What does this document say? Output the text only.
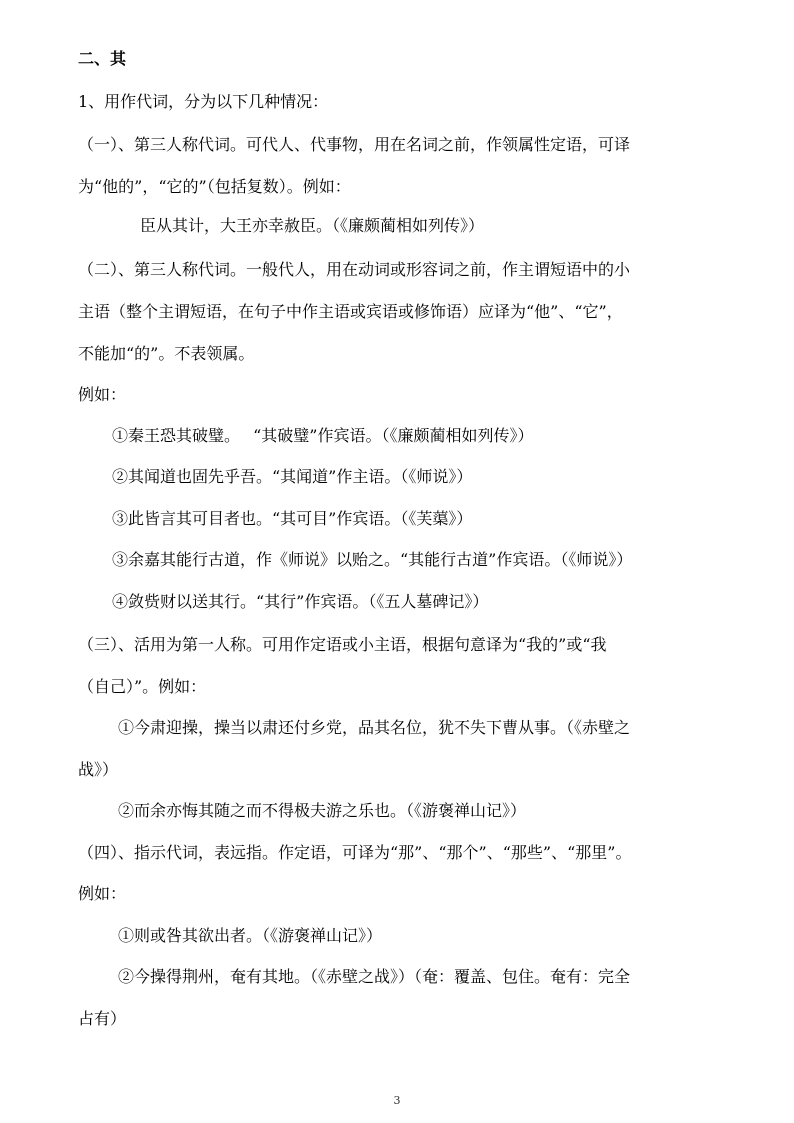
二、其
1、用作代词，分为以下几种情况：
（一）、第三人称代词。可代人、代事物，用在名词之前，作领属性定语，可译
为“他的”，“它的”（包括复数）。例如：
臣从其计，大王亦幸赦臣。（《廉颇蔺相如列传》）
（二）、第三人称代词。一般代人，用在动词或形容词之前，作主谓短语中的小
主语（整个主谓短语，在句子中作主语或宾语或修饰语）应译为“他”、“它”，
不能加“的”。不表领属。
例如：
①秦王恐其破璧。　 “其破璧”作宾语。（《廉颇蔺相如列传》）
②其闻道也固先乎吾。“其闻道”作主语。（《师说》）
③此皆言其可目者也。“其可目”作宾语。（《芙蕖》）
③余嘉其能行古道，作《师说》以贻之。“其能行古道”作宾语。（《师说》）
④敛赀财以送其行。“其行”作宾语。（《五人墓碑记》）
（三）、活用为第一人称。可用作定语或小主语，根据句意译为“我的”或“我
（自己）”。例如：
①今肃迎操，操当以肃还付乡党，品其名位，犹不失下曹从事。（《赤壁之
战》）
②而余亦悔其随之而不得极夫游之乐也。（《游褒禅山记》）
（四）、指示代词，表远指。作定语，可译为“那”、“那个”、“那些”、“那里”。
例如：
①则或咎其欲出者。（《游褒禅山记》）
②今操得荆州，奄有其地。（《赤壁之战》）（奄：覆盖、包住。奄有：完全
占有）
3
